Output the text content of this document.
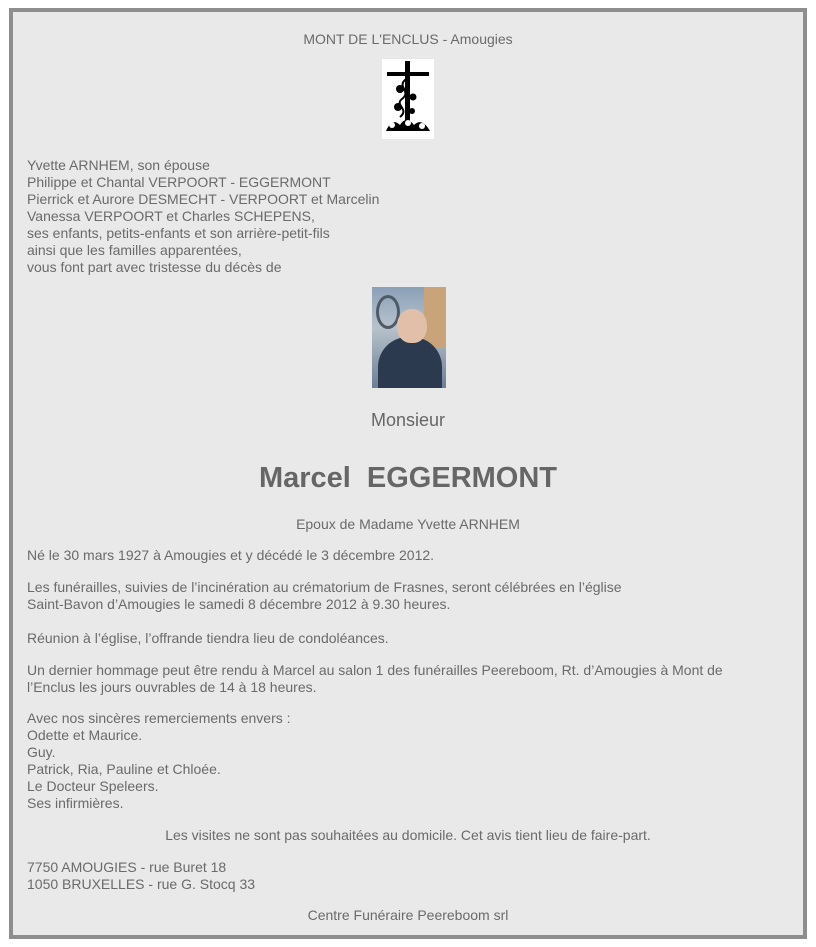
MONT DE L'ENCLUS - Amougies
Yvette ARNHEM, son épouse
Philippe et Chantal VERPOORT - EGGERMONT
Pierrick et Aurore DESMECHT - VERPOORT et Marcelin
Vanessa VERPOORT et Charles SCHEPENS,
ses enfants, petits-enfants et son arrière-petit-fils
ainsi que les familles apparentées,
vous font part avec tristesse du décès de
Monsieur
Marcel EGGERMONT
Epoux de Madame Yvette ARNHEM
Né le 30 mars 1927 à Amougies et y décédé le 3 décembre 2012.
Les funérailles, suivies de l’incinération au crématorium de Frasnes, seront célébrées en l’église
Saint-Bavon d’Amougies le samedi 8 décembre 2012 à 9.30 heures.
Réunion à l’église, l’offrande tiendra lieu de condoléances.
Un dernier hommage peut être rendu à Marcel au salon 1 des funérailles Peereboom, Rt. d’Amougies à Mont de
l’Enclus les jours ouvrables de 14 à 18 heures.
Avec nos sincères remerciements envers :
Odette et Maurice.
Guy.
Patrick, Ria, Pauline et Chloée.
Le Docteur Speleers.
Ses infirmières.
Les visites ne sont pas souhaitées au domicile. Cet avis tient lieu de faire-part.
7750 AMOUGIES - rue Buret 18
1050 BRUXELLES - rue G. Stocq 33
Centre Funéraire Peereboom srl
